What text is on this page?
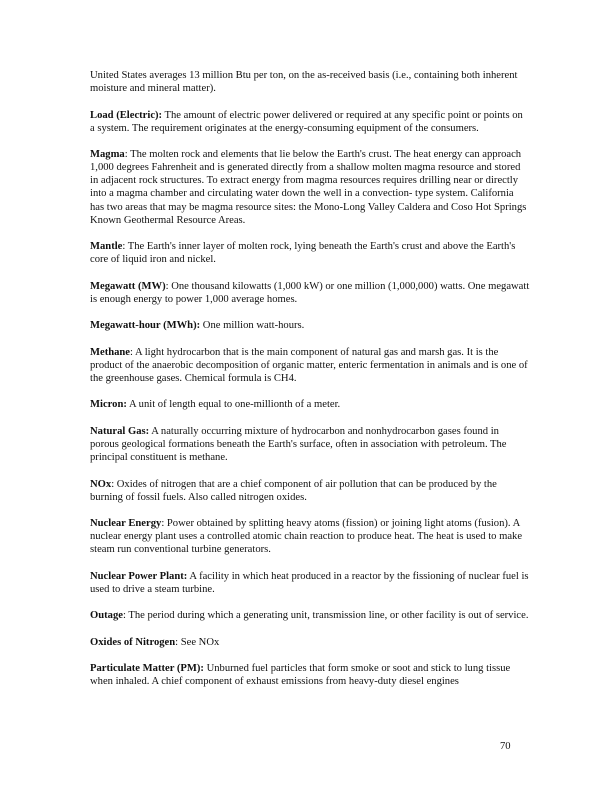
United States averages 13 million Btu per ton, on the as-received basis (i.e., containing both inherent moisture and mineral matter).

Load (Electric): The amount of electric power delivered or required at any specific point or points on a system. The requirement originates at the energy-consuming equipment of the consumers.

Magma: The molten rock and elements that lie below the Earth's crust. The heat energy can approach 1,000 degrees Fahrenheit and is generated directly from a shallow molten magma resource and stored in adjacent rock structures. To extract energy from magma resources requires drilling near or directly into a magma chamber and circulating water down the well in a convection- type system. California has two areas that may be magma resource sites: the Mono-Long Valley Caldera and Coso Hot Springs Known Geothermal Resource Areas.

Mantle: The Earth's inner layer of molten rock, lying beneath the Earth's crust and above the Earth's core of liquid iron and nickel.

Megawatt (MW): One thousand kilowatts (1,000 kW) or one million (1,000,000) watts. One megawatt is enough energy to power 1,000 average homes.

Megawatt-hour (MWh): One million watt-hours.

Methane: A light hydrocarbon that is the main component of natural gas and marsh gas. It is the product of the anaerobic decomposition of organic matter, enteric fermentation in animals and is one of the greenhouse gases. Chemical formula is CH4.

Micron: A unit of length equal to one-millionth of a meter.

Natural Gas: A naturally occurring mixture of hydrocarbon and nonhydrocarbon gases found in porous geological formations beneath the Earth's surface, often in association with petroleum. The principal constituent is methane.

NOx: Oxides of nitrogen that are a chief component of air pollution that can be produced by the burning of fossil fuels. Also called nitrogen oxides.

Nuclear Energy: Power obtained by splitting heavy atoms (fission) or joining light atoms (fusion). A nuclear energy plant uses a controlled atomic chain reaction to produce heat. The heat is used to make steam run conventional turbine generators.

Nuclear Power Plant: A facility in which heat produced in a reactor by the fissioning of nuclear fuel is used to drive a steam turbine.

Outage: The period during which a generating unit, transmission line, or other facility is out of service.

Oxides of Nitrogen: See NOx

Particulate Matter (PM): Unburned fuel particles that form smoke or soot and stick to lung tissue when inhaled. A chief component of exhaust emissions from heavy-duty diesel engines

70
